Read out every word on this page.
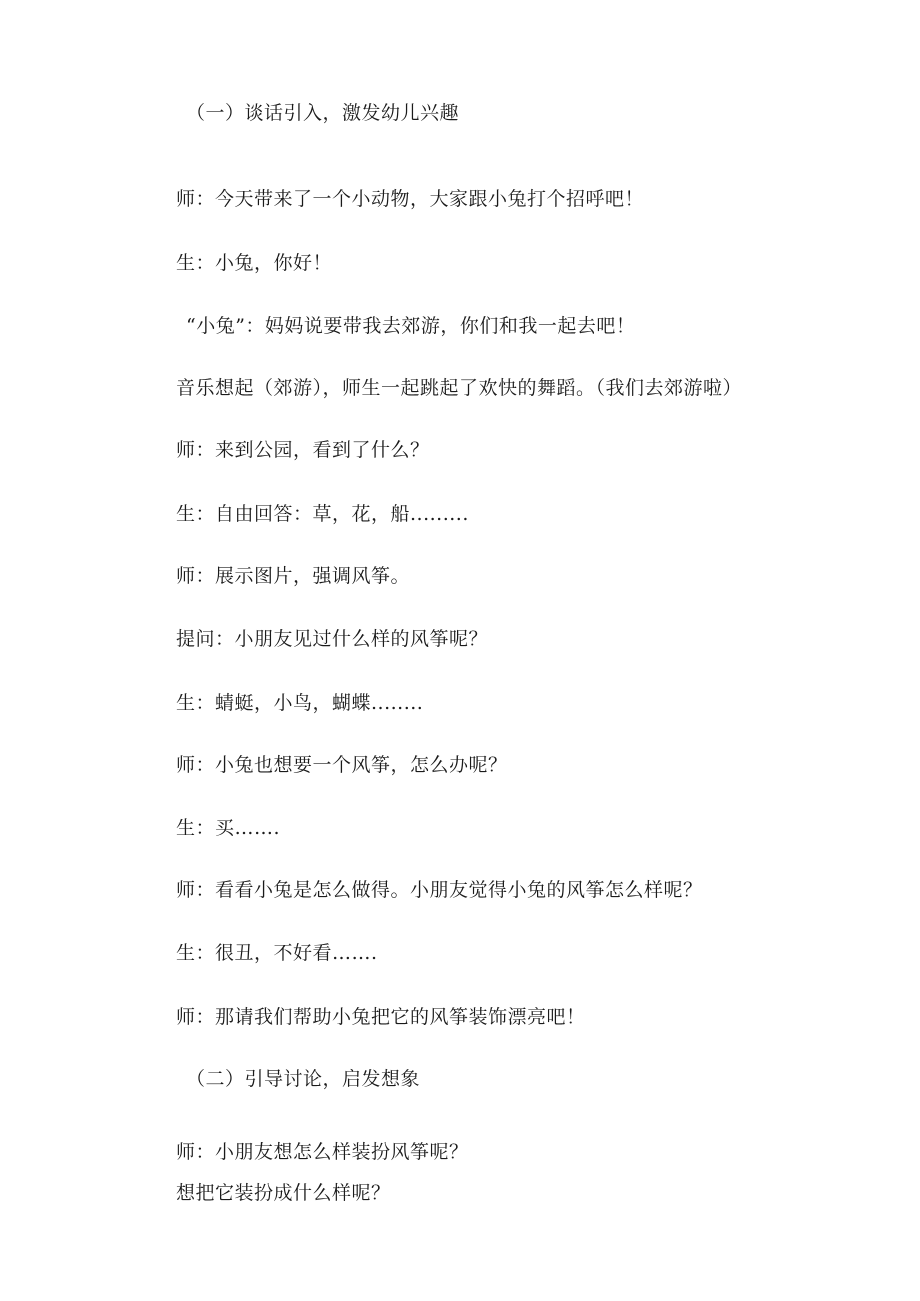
（一）谈话引入，激发幼儿兴趣
师：今天带来了一个小动物，大家跟小兔打个招呼吧！
生：小兔，你好！
“小兔”：妈妈说要带我去郊游，你们和我一起去吧！
音乐想起（郊游），师生一起跳起了欢快的舞蹈。（我们去郊游啦）
师：来到公园，看到了什么？
生：自由回答：草，花，船.........
师：展示图片，强调风筝。
提问：小朋友见过什么样的风筝呢？
生：蜻蜓，小鸟，蝴蝶........
师：小兔也想要一个风筝，怎么办呢？
生：买…….
师：看看小兔是怎么做得。小朋友觉得小兔的风筝怎么样呢？
生：很丑，不好看…….
师：那请我们帮助小兔把它的风筝装饰漂亮吧！
（二）引导讨论，启发想象
师：小朋友想怎么样装扮风筝呢？
想把它装扮成什么样呢？
